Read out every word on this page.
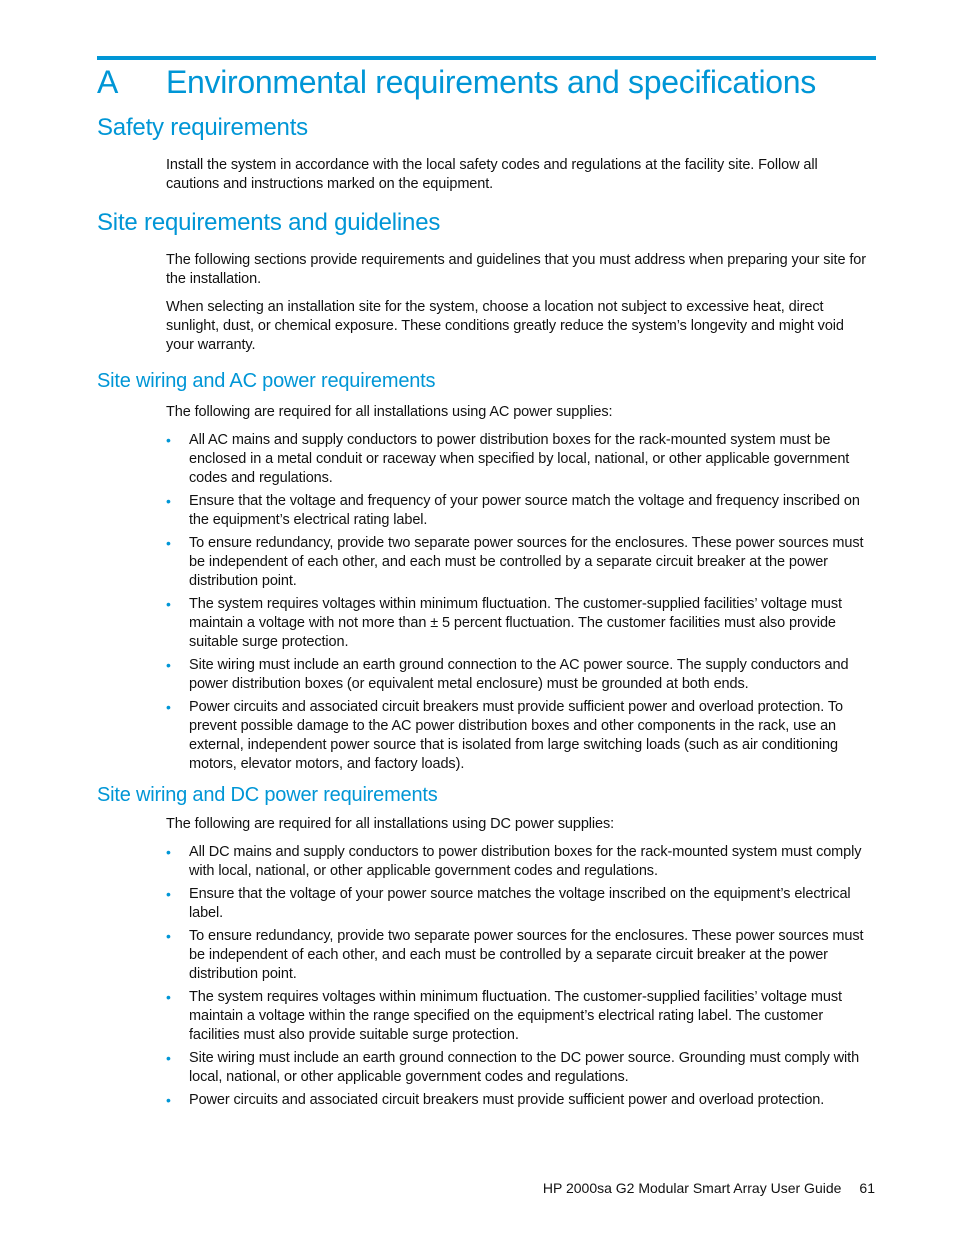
A	Environmental requirements and specifications
Safety requirements

Install the system in accordance with the local safety codes and regulations at the facility site. Follow all cautions and instructions marked on the equipment.

Site requirements and guidelines

The following sections provide requirements and guidelines that you must address when preparing your site for the installation.

When selecting an installation site for the system, choose a location not subject to excessive heat, direct sunlight, dust, or chemical exposure. These conditions greatly reduce the system’s longevity and might void your warranty.

Site wiring and AC power requirements

The following are required for all installations using AC power supplies:

• All AC mains and supply conductors to power distribution boxes for the rack-mounted system must be enclosed in a metal conduit or raceway when specified by local, national, or other applicable government codes and regulations.
• Ensure that the voltage and frequency of your power source match the voltage and frequency inscribed on the equipment’s electrical rating label.
• To ensure redundancy, provide two separate power sources for the enclosures. These power sources must be independent of each other, and each must be controlled by a separate circuit breaker at the power distribution point.
• The system requires voltages within minimum fluctuation. The customer-supplied facilities’ voltage must maintain a voltage with not more than ± 5 percent fluctuation. The customer facilities must also provide suitable surge protection.
• Site wiring must include an earth ground connection to the AC power source. The supply conductors and power distribution boxes (or equivalent metal enclosure) must be grounded at both ends.
• Power circuits and associated circuit breakers must provide sufficient power and overload protection. To prevent possible damage to the AC power distribution boxes and other components in the rack, use an external, independent power source that is isolated from large switching loads (such as air conditioning motors, elevator motors, and factory loads).
Site wiring and DC power requirements

The following are required for all installations using DC power supplies:

• All DC mains and supply conductors to power distribution boxes for the rack-mounted system must comply with local, national, or other applicable government codes and regulations.
• Ensure that the voltage of your power source matches the voltage inscribed on the equipment’s electrical label.
• To ensure redundancy, provide two separate power sources for the enclosures. These power sources must be independent of each other, and each must be controlled by a separate circuit breaker at the power distribution point.
• The system requires voltages within minimum fluctuation. The customer-supplied facilities’ voltage must maintain a voltage within the range specified on the equipment’s electrical rating label. The customer facilities must also provide suitable surge protection.
• Site wiring must include an earth ground connection to the DC power source. Grounding must comply with local, national, or other applicable government codes and regulations.
• Power circuits and associated circuit breakers must provide sufficient power and overload protection.
HP 2000sa G2 Modular Smart Array User Guide 61
